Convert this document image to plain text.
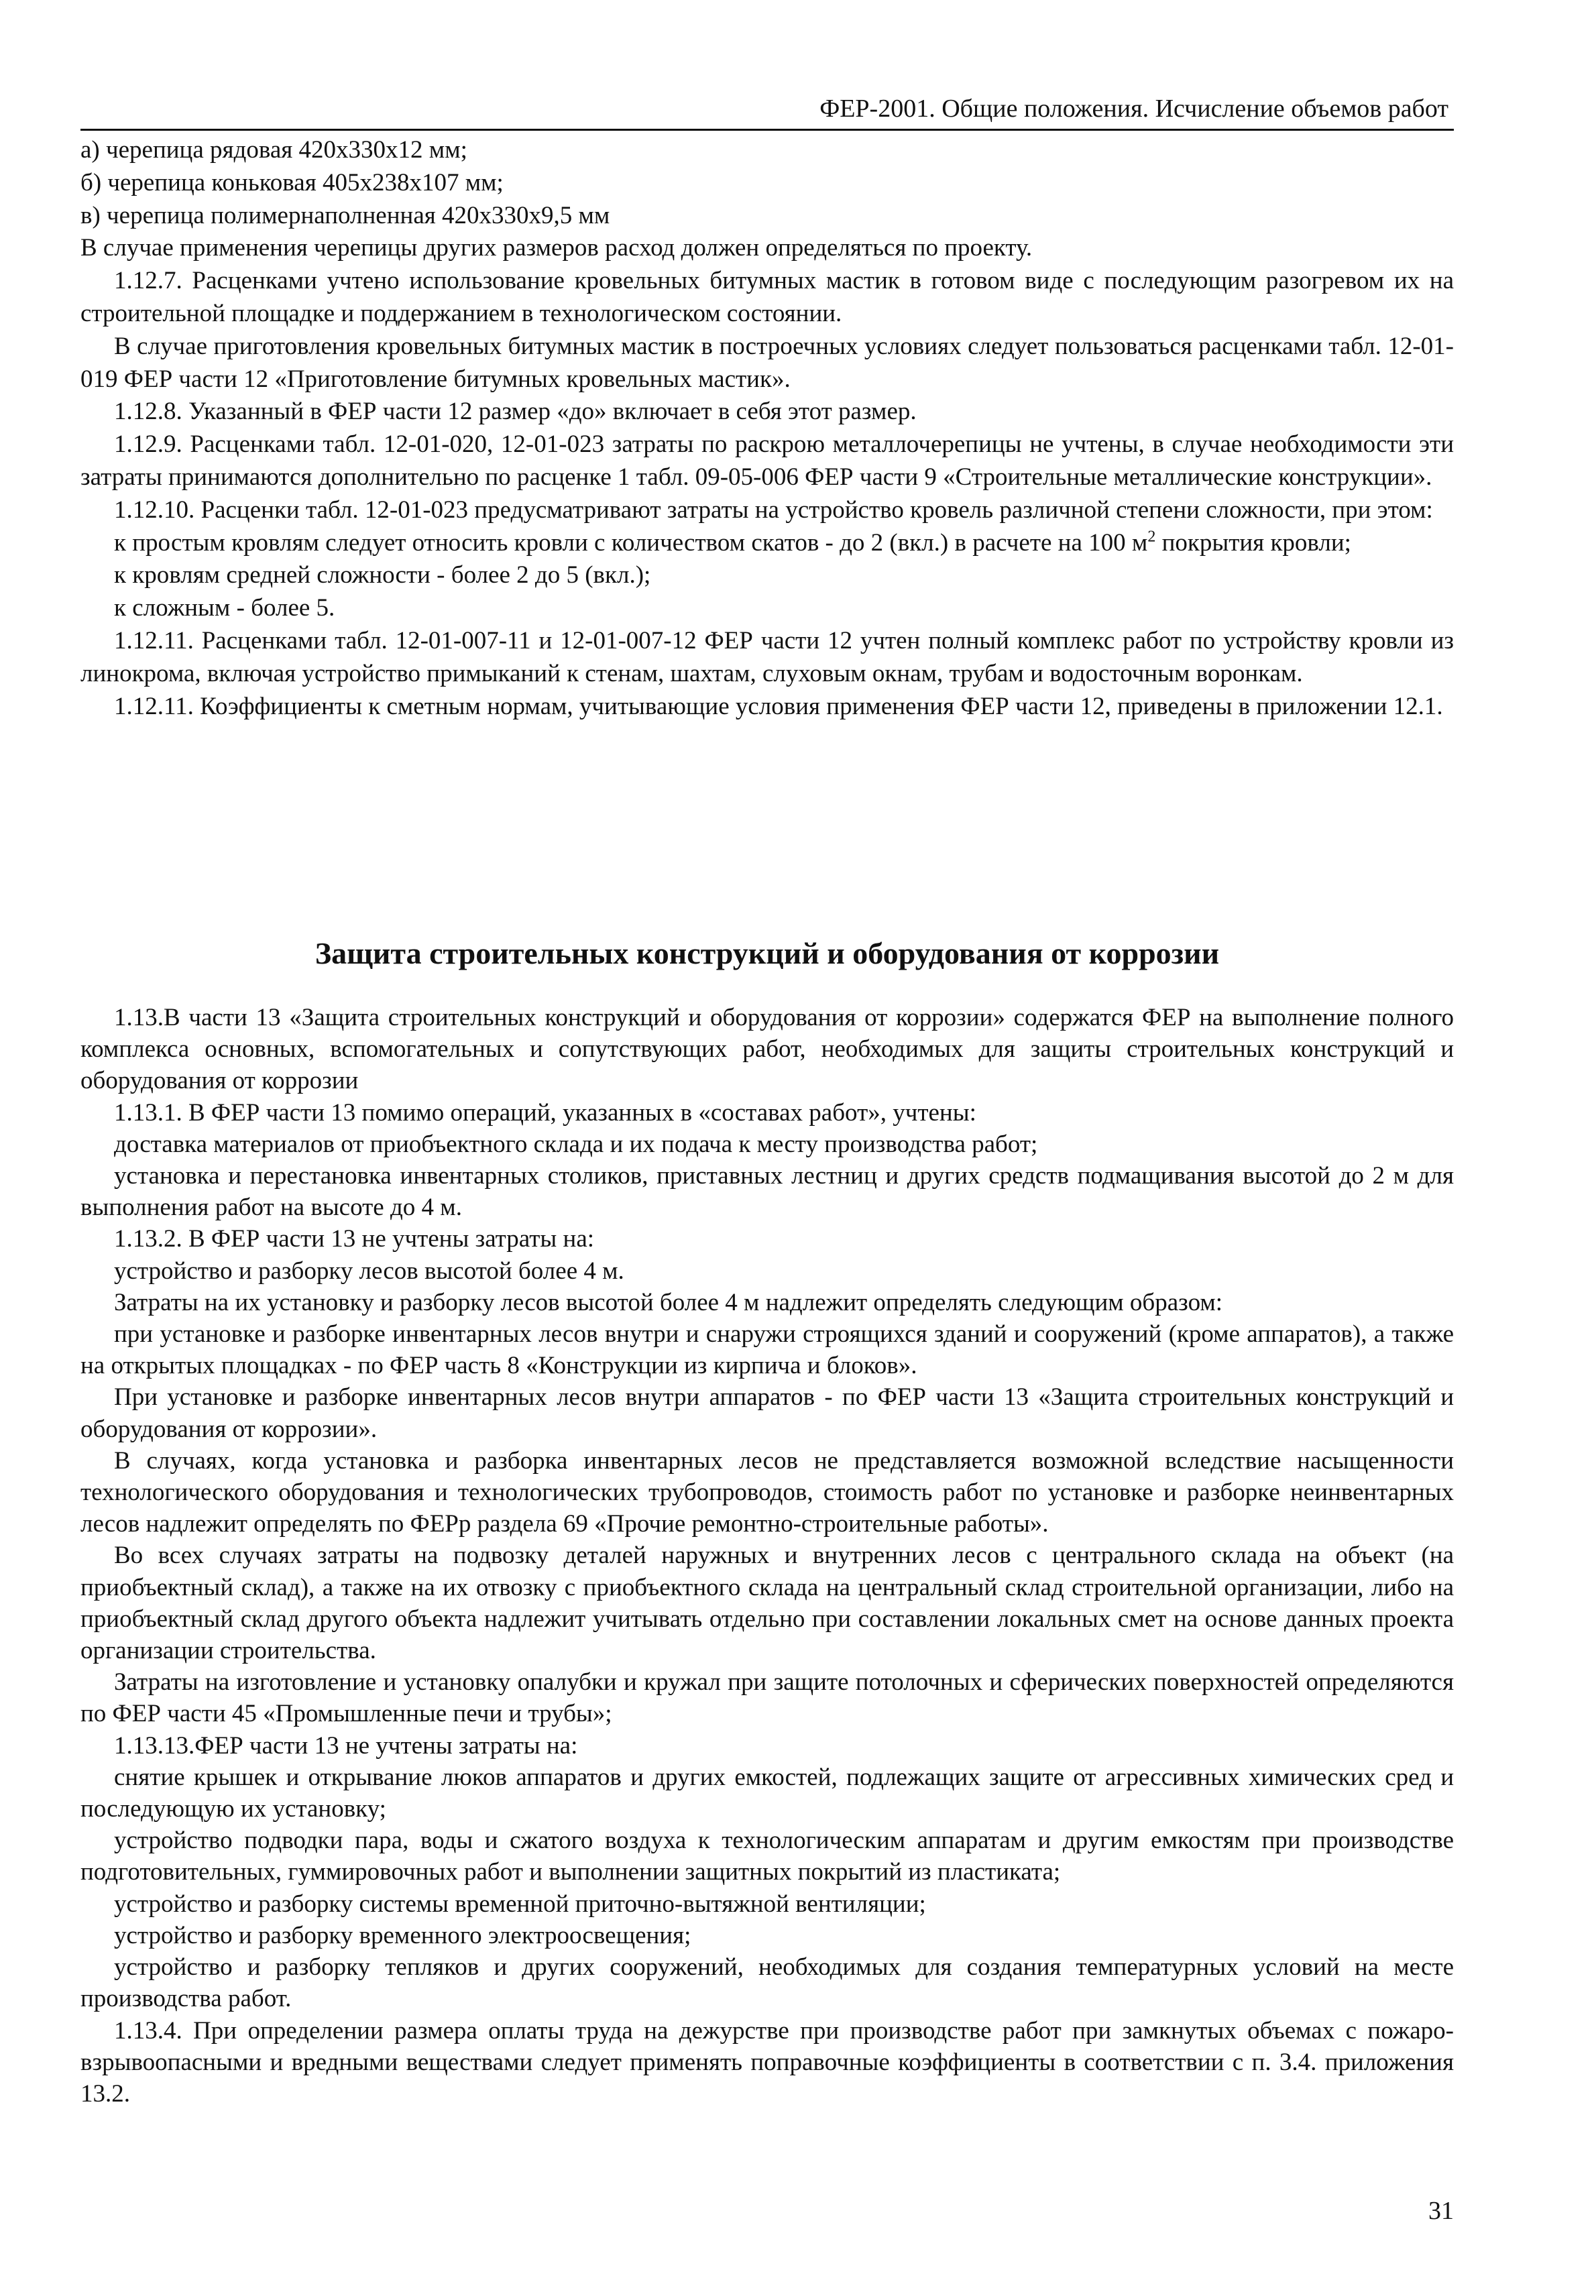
ФЕР-2001. Общие положения. Исчисление объемов работ

а) черепица рядовая 420x330x12 мм;

б) черепица коньковая 405x238x107 мм;

в) черепица полимернаполненная 420x330x9,5 мм

В случае применения черепицы других размеров расход должен определяться по проекту.

1.12.7. Расценками учтено использование кровельных битумных мастик в готовом виде с последующим разогревом их на строительной площадке и поддержанием в технологическом состоянии.

В случае приготовления кровельных битумных мастик в построечных условиях следует пользоваться расценками табл. 12-01-019 ФЕР части 12 «Приготовление битумных кровельных мастик».

1.12.8. Указанный в ФЕР части 12 размер «до» включает в себя этот размер.

1.12.9. Расценками табл. 12-01-020, 12-01-023 затраты по раскрою металлочерепицы не учтены, в случае необходимости эти затраты принимаются дополнительно по расценке 1 табл. 09-05-006 ФЕР части 9 «Строительные металлические конструкции».

1.12.10. Расценки табл. 12-01-023 предусматривают затраты на устройство кровель различной степени сложности, при этом:

к простым кровлям следует относить кровли с количеством скатов - до 2 (вкл.) в расчете на 100 $м^2$ покрытия кровли;

к кровлям средней сложности - более 2 до 5 (вкл.);

к сложным - более 5.

1.12.11. Расценками табл. 12-01-007-11 и 12-01-007-12 ФЕР части 12 учтен полный комплекс работ по устройству кровли из линокрома, включая устройство примыканий к стенам, шахтам, слуховым окнам, трубам и водосточным воронкам.

1.12.11. Коэффициенты к сметным нормам, учитывающие условия применения ФЕР части 12, приведены в приложении 12.1.

Защита строительных конструкций и оборудования от коррозии

1.13.В части 13 «Защита строительных конструкций и оборудования от коррозии» содержатся ФЕР на выполнение полного комплекса основных, вспомогательных и сопутствующих работ, необходимых для защиты строительных конструкций и оборудования от коррозии

1.13.1. В ФЕР части 13 помимо операций, указанных в «составах работ», учтены:

доставка материалов от приобъектного склада и их подача к месту производства работ;

установка и перестановка инвентарных столиков, приставных лестниц и других средств подмащивания высотой до 2 м для выполнения работ на высоте до 4 м.

1.13.2. В ФЕР части 13 не учтены затраты на:

устройство и разборку лесов высотой более 4 м.

Затраты на их установку и разборку лесов высотой более 4 м надлежит определять следующим образом:

при установке и разборке инвентарных лесов внутри и снаружи строящихся зданий и сооружений (кроме аппаратов), а также на открытых площадках - по ФЕР часть 8 «Конструкции из кирпича и блоков».

При установке и разборке инвентарных лесов внутри аппаратов - по ФЕР части 13 «Защита строительных конструкций и оборудования от коррозии».

В случаях, когда установка и разборка инвентарных лесов не представляется возможной вследствие насыщенности технологического оборудования и технологических трубопроводов, стоимость работ по установке и разборке неинвентарных лесов надлежит определять по ФЕРр раздела 69 «Прочие ремонтно-строительные работы».

Во всех случаях затраты на подвозку деталей наружных и внутренних лесов с центрального склада на объект (на приобъектный склад), а также на их отвозку с приобъектного склада на центральный склад строительной организации, либо на приобъектный склад другого объекта надлежит учитывать отдельно при составлении локальных смет на основе данных проекта организации строительства.

Затраты на изготовление и установку опалубки и кружал при защите потолочных и сферических поверхностей определяются по ФЕР части 45 «Промышленные печи и трубы»;

1.13.13.ФЕР части 13 не учтены затраты на:

снятие крышек и открывание люков аппаратов и других емкостей, подлежащих защите от агрессивных химических сред и последующую их установку;

устройство подводки пара, воды и сжатого воздуха к технологическим аппаратам и другим емкостям при производстве подготовительных, гуммировочных работ и выполнении защитных покрытий из пластиката;

устройство и разборку системы временной приточно-вытяжной вентиляции;

устройство и разборку временного электроосвещения;

устройство и разборку тепляков и других сооружений, необходимых для создания температурных условий на месте производства работ.

1.13.4. При определении размера оплаты труда на дежурстве при производстве работ при замкнутых объемах с пожаро-взрывоопасными и вредными веществами следует применять поправочные коэффициенты в соответствии с п. 3.4. приложения 13.2.

31
